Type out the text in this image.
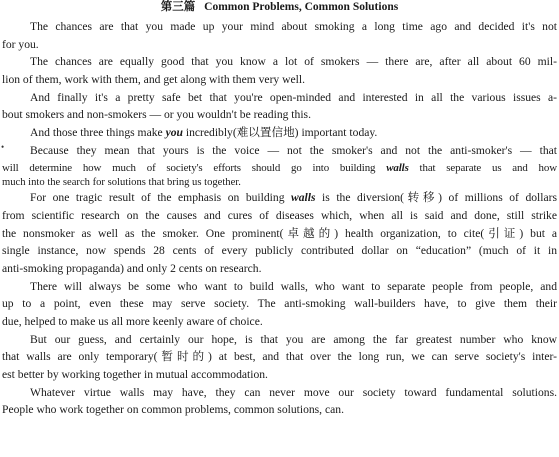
第三篇 Common Problems, Common Solutions
The chances are that you made up your mind about smoking a long time ago and decided it's not
for you.
The chances are equally good that you know a lot of smokers — there are, after all about 60 mil-
lion of them, work with them, and get along with them very well.
And finally it's a pretty safe bet that you're open-minded and interested in all the various issues a-
bout smokers and non-smokers — or you wouldn't be reading this.
And those three things make you incredibly(难以置信地) important today.
Because they mean that yours is the voice — not the smoker's and not the anti-smoker's — that
will determine how much of society's efforts should go into building walls that separate us and how
much into the search for solutions that bring us together.
For one tragic result of the emphasis on building walls is the diversion(转移) of millions of dollars
from scientific research on the causes and cures of diseases which, when all is said and done, still strike
the nonsmoker as well as the smoker. One prominent(卓越的) health organization, to cite(引证) but a
single instance, now spends 28 cents of every publicly contributed dollar on “education” (much of it in
anti-smoking propaganda) and only 2 cents on research.
There will always be some who want to build walls, who want to separate people from people, and
up to a point, even these may serve society. The anti-smoking wall-builders have, to give them their
due, helped to make us all more keenly aware of choice.
But our guess, and certainly our hope, is that you are among the far greatest number who know
that walls are only temporary(暂时的) at best, and that over the long run, we can serve society's inter-
est better by working together in mutual accommodation.
Whatever virtue walls may have, they can never move our society toward fundamental solutions.
People who work together on common problems, common solutions, can.
•
